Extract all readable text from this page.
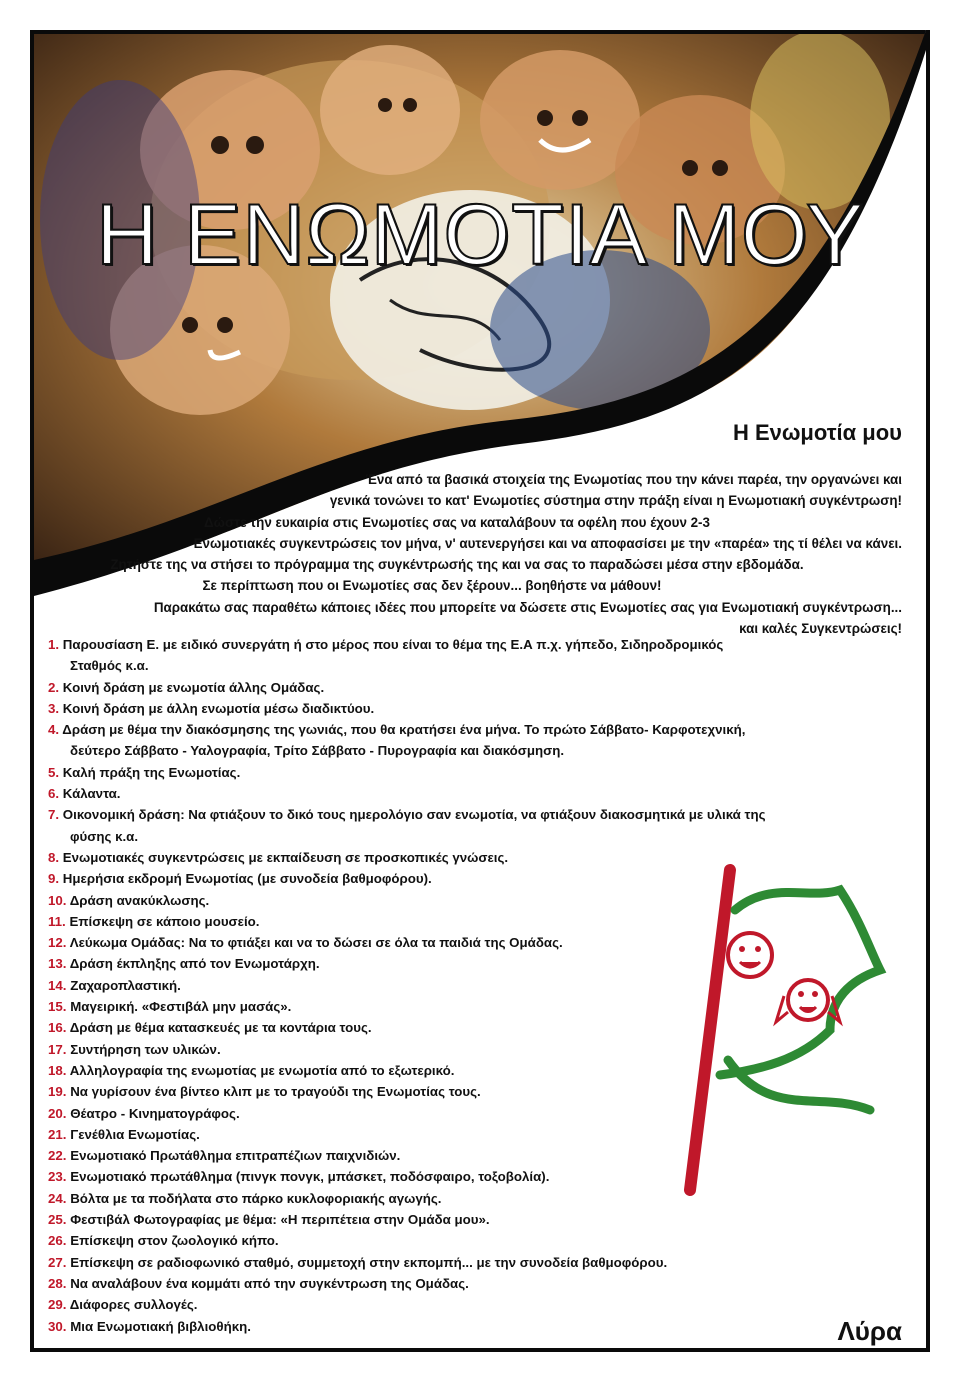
Η ΕΝΩΜΟΤΙΑ ΜΟΥ
Η Ενωμοτία μου

Ένα από τα βασικά στοιχεία της Ενωμοτίας που την κάνει παρέα, την οργανώνει και

γενικά τονώνει το κατ' Ενωμοτίες σύστημα στην πράξη είναι η Ενωμοτιακή συγκέντρωση!

Δώστε την ευκαιρία στις Ενωμοτίες σας να καταλάβουν τα οφέλη που έχουν 2-3

Ενωμοτιακές συγκεντρώσεις τον μήνα, ν' αυτενεργήσει και να αποφασίσει με την «παρέα» της τί θέλει να κάνει.

Ζητήστε της να στήσει το πρόγραμμα της συγκέντρωσής της και να σας το παραδώσει μέσα στην εβδομάδα.

Σε περίπτωση που οι Ενωμοτίες σας δεν ξέρουν... βοηθήστε να μάθουν!

Παρακάτω σας παραθέτω κάποιες ιδέες που μπορείτε να δώσετε στις Ενωμοτίες σας για Ενωμοτιακή συγκέντρωση...

και καλές Συγκεντρώσεις!

1. Παρουσίαση Ε. με ειδικό συνεργάτη ή στο μέρος που είναι το θέμα της Ε.Α π.χ. γήπεδο, Σιδηροδρομικός
Σταθμός κ.α.
2. Κοινή δράση με ενωμοτία άλλης Ομάδας.
3. Κοινή δράση με άλλη ενωμοτία μέσω διαδικτύου.
4. Δράση με θέμα την διακόσμησης της γωνιάς, που θα κρατήσει ένα μήνα. Το πρώτο Σάββατο- Καρφοτεχνική,
δεύτερο Σάββατο - Υαλογραφία, Τρίτο Σάββατο - Πυρογραφία και διακόσμηση.
5. Καλή πράξη της Ενωμοτίας.
6. Κάλαντα.
7. Οικονομική δράση: Να φτιάξουν το δικό τους ημερολόγιο σαν ενωμοτία, να φτιάξουν διακοσμητικά με υλικά της
φύσης κ.α.
8. Ενωμοτιακές συγκεντρώσεις με εκπαίδευση σε προσκοπικές γνώσεις.
9. Ημερήσια εκδρομή Ενωμοτίας (με συνοδεία βαθμοφόρου).
10. Δράση ανακύκλωσης.
11. Επίσκεψη σε κάποιο μουσείο.
12. Λεύκωμα Ομάδας: Να το φτιάξει και να το δώσει σε όλα τα παιδιά της Ομάδας.
13. Δράση έκπληξης από τον Ενωμοτάρχη.
14. Ζαχαροπλαστική.
15. Μαγειρική. «Φεστιβάλ μην μασάς».
16. Δράση με θέμα κατασκευές με τα κοντάρια τους.
17. Συντήρηση των υλικών.
18. Αλληλογραφία της ενωμοτίας με ενωμοτία από το εξωτερικό.
19. Να γυρίσουν ένα βίντεο κλιπ με το τραγούδι της Ενωμοτίας τους.
20. Θέατρο - Κινηματογράφος.
21. Γενέθλια Ενωμοτίας.
22. Ενωμοτιακό Πρωτάθλημα επιτραπέζιων παιχνιδιών.
23. Ενωμοτιακό πρωτάθλημα (πινγκ πονγκ, μπάσκετ, ποδόσφαιρο, τοξοβολία).
24. Βόλτα με τα ποδήλατα στο πάρκο κυκλοφοριακής αγωγής.
25. Φεστιβάλ Φωτογραφίας με θέμα: «Η περιπέτεια στην Ομάδα μου».
26. Επίσκεψη στον ζωολογικό κήπο.
27. Επίσκεψη σε ραδιοφωνικό σταθμό, συμμετοχή στην εκπομπή... με την συνοδεία βαθμοφόρου.
28. Να αναλάβουν ένα κομμάτι από την συγκέντρωση της Ομάδας.
29. Διάφορες συλλογές.
30. Μια Ενωμοτιακή βιβλιοθήκη.	Λύρα
